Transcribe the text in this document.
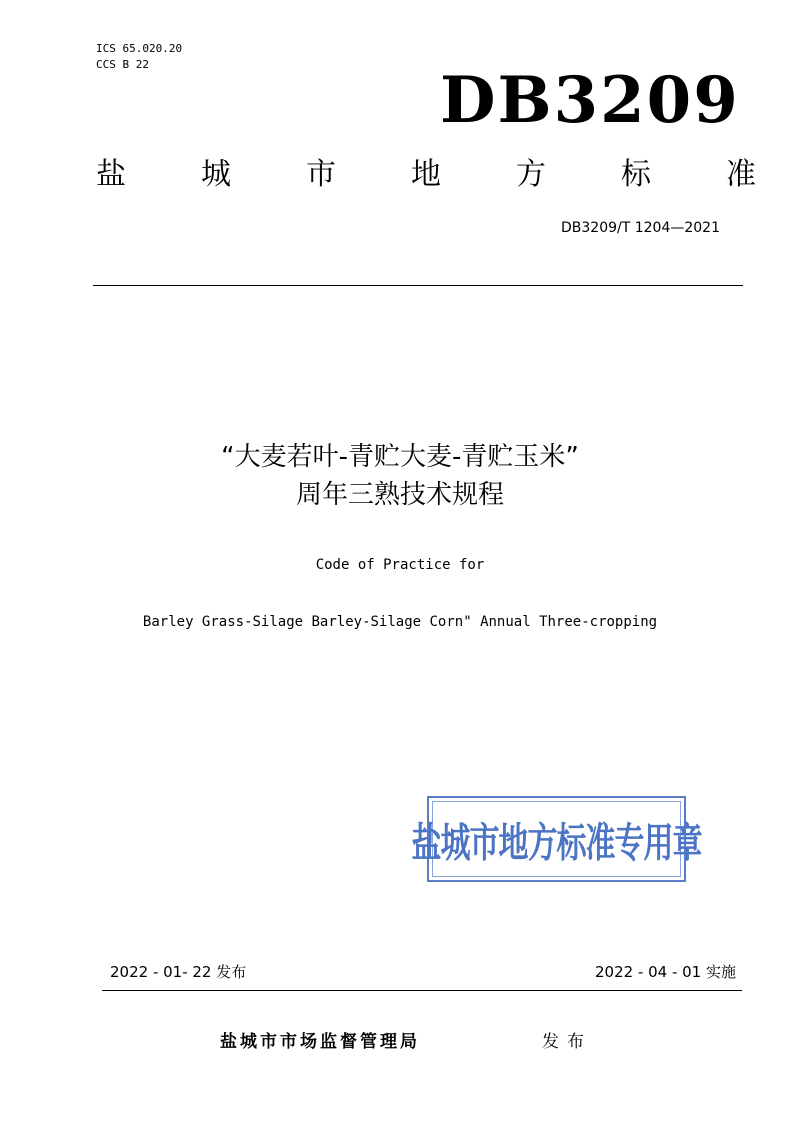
ICS 65.020.20
CCS B 22	DB3209
盐	城	市	地	方	标	准
DB3209/T 1204—2021
“大麦若叶-青贮大麦-青贮玉米”
周年三熟技术规程
Code of Practice for
Barley Grass-Silage Barley-Silage Corn" Annual Three-cropping
盐城市地方标准专用章
2022 - 01- 22 发布	2022 - 04 - 01 实施
盐城市市场监督管理局	发布
